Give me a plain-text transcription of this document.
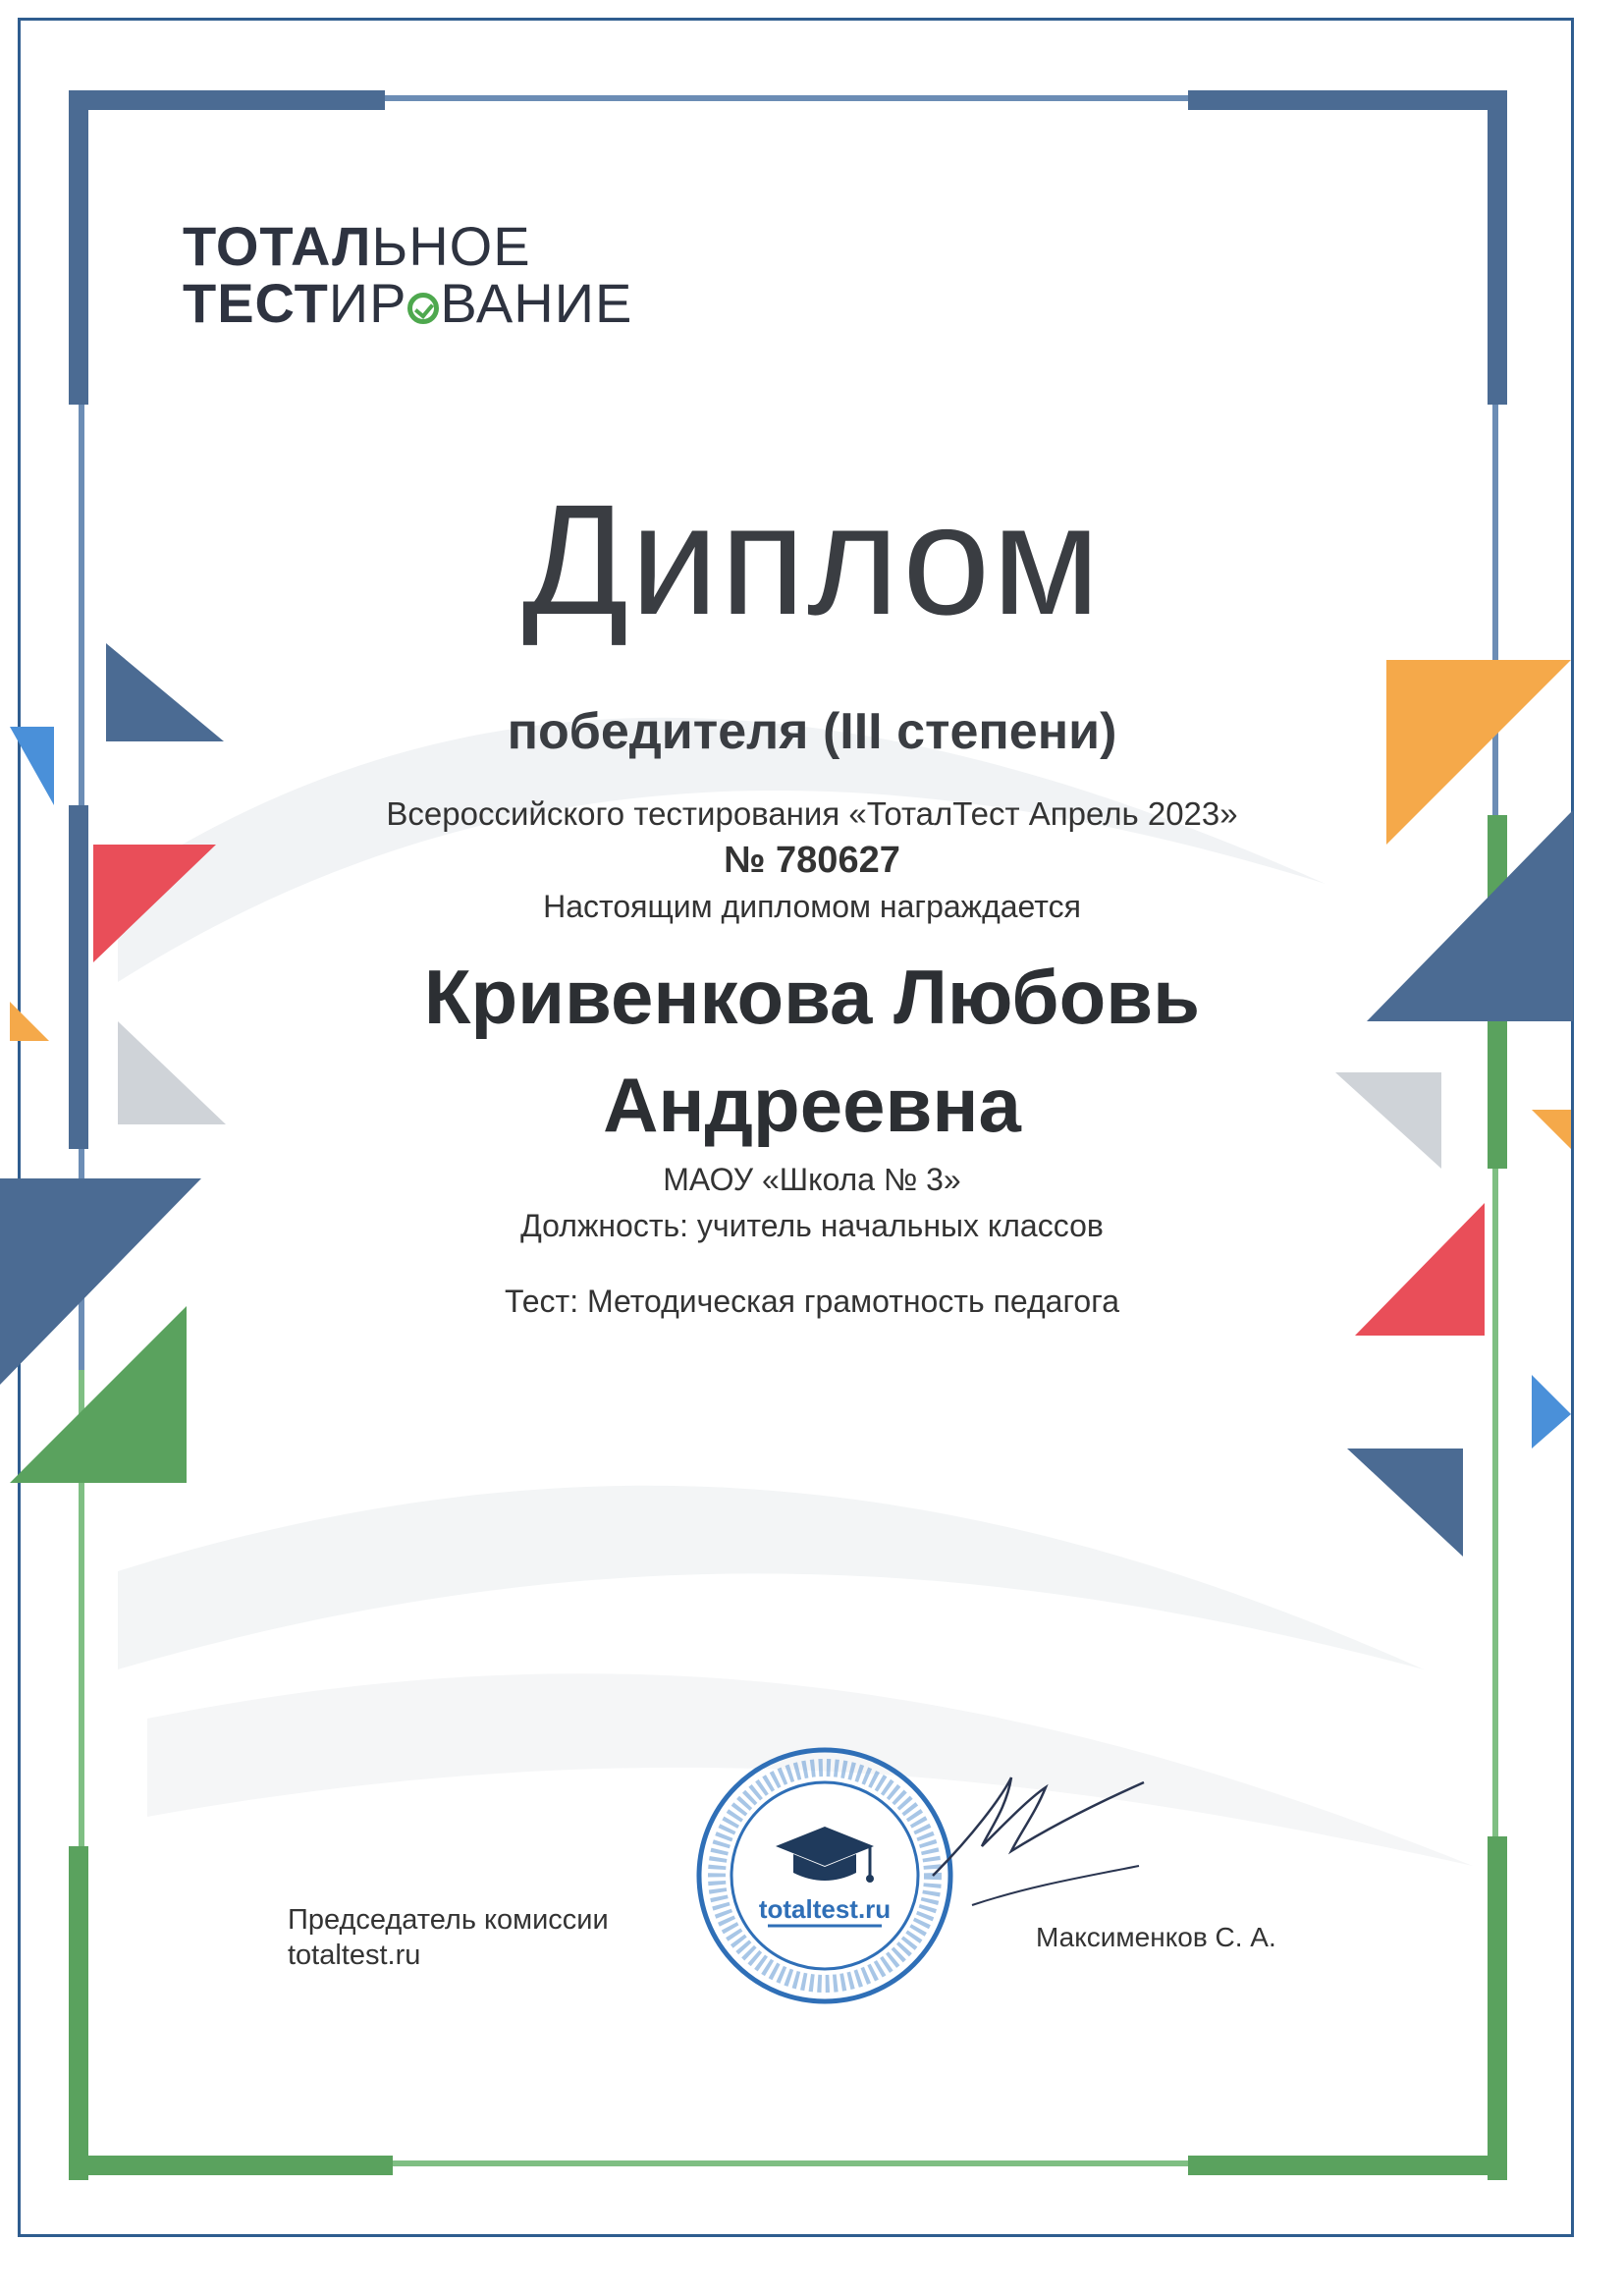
ТОТАЛЬНОЕ
ТЕСТИР ВАНИЕ
Диплом
победителя (III степени)
Всероссийского тестирования «ТоталТест Апрель 2023»
№ 780627
Настоящим дипломом награждается
Кривенкова Любовь
Андреевна
МАОУ «Школа № 3»
Должность: учитель начальных классов
Тест: Методическая грамотность педагога
Председатель комиссии
totaltest.ru
Максименков С. А.
totaltest.ru
